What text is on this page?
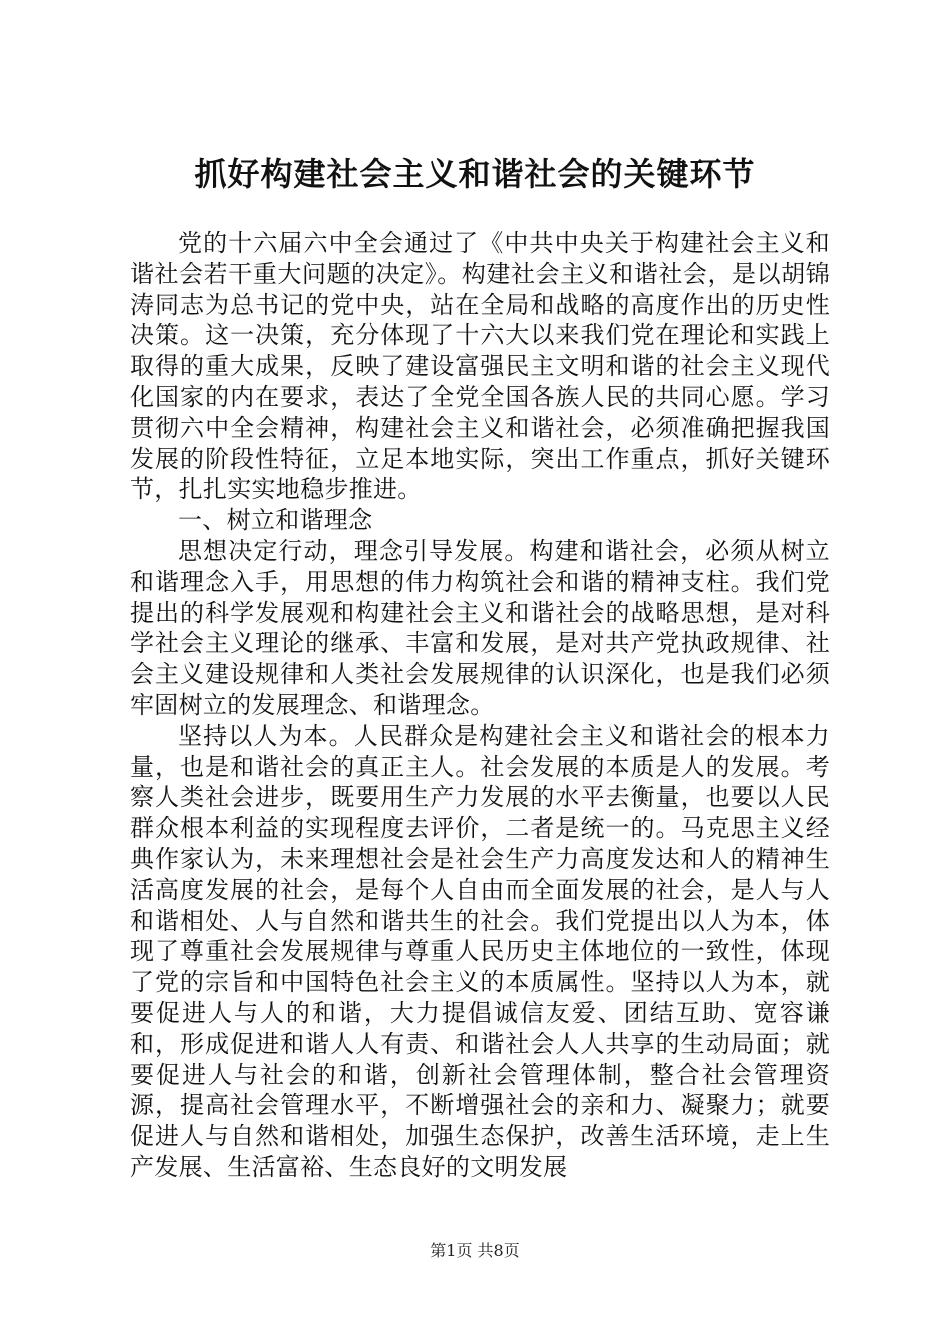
抓好构建社会主义和谐社会的关键环节

党的十六届六中全会通过了《中共中央关于构建社会主义和谐社会若干重大问题的决定》。构建社会主义和谐社会，是以胡锦涛同志为总书记的党中央，站在全局和战略的高度作出的历史性决策。这一决策，充分体现了十六大以来我们党在理论和实践上取得的重大成果，反映了建设富强民主文明和谐的社会主义现代化国家的内在要求，表达了全党全国各族人民的共同心愿。学习贯彻六中全会精神，构建社会主义和谐社会，必须准确把握我国发展的阶段性特征，立足本地实际，突出工作重点，抓好关键环节，扎扎实实地稳步推进。

一、树立和谐理念

思想决定行动，理念引导发展。构建和谐社会，必须从树立和谐理念入手，用思想的伟力构筑社会和谐的精神支柱。我们党提出的科学发展观和构建社会主义和谐社会的战略思想，是对科学社会主义理论的继承、丰富和发展，是对共产党执政规律、社会主义建设规律和人类社会发展规律的认识深化，也是我们必须牢固树立的发展理念、和谐理念。

坚持以人为本。人民群众是构建社会主义和谐社会的根本力量，也是和谐社会的真正主人。社会发展的本质是人的发展。考察人类社会进步，既要用生产力发展的水平去衡量，也要以人民群众根本利益的实现程度去评价，二者是统一的。马克思主义经典作家认为，未来理想社会是社会生产力高度发达和人的精神生活高度发展的社会，是每个人自由而全面发展的社会，是人与人和谐相处、人与自然和谐共生的社会。我们党提出以人为本，体现了尊重社会发展规律与尊重人民历史主体地位的一致性，体现了党的宗旨和中国特色社会主义的本质属性。坚持以人为本，就要促进人与人的和谐，大力提倡诚信友爱、团结互助、宽容谦和，形成促进和谐人人有责、和谐社会人人共享的生动局面；就要促进人与社会的和谐，创新社会管理体制，整合社会管理资源，提高社会管理水平，不断增强社会的亲和力、凝聚力；就要促进人与自然和谐相处，加强生态保护，改善生活环境，走上生产发展、生活富裕、生态良好的文明发展

第1页 共8页
